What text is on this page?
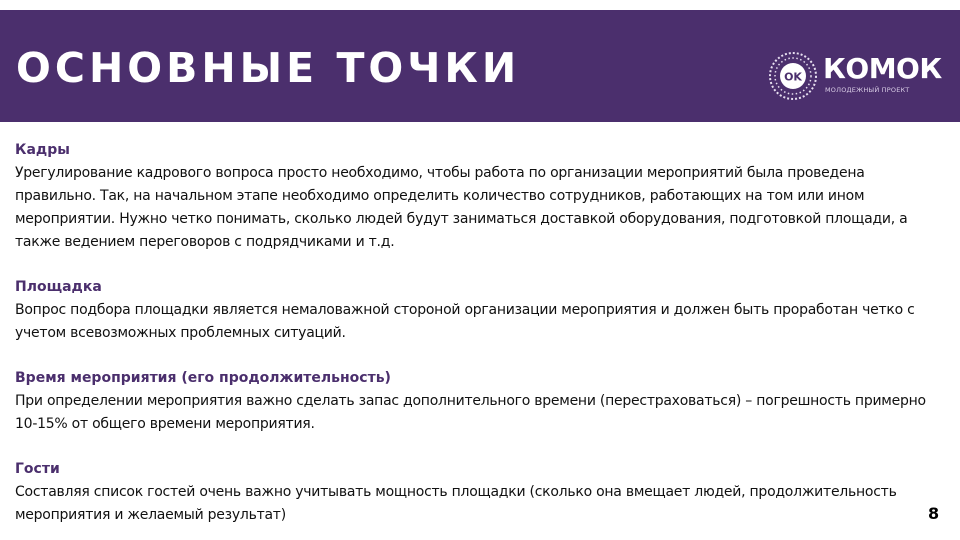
ОСНОВНЫЕ ТОЧКИ	OK КОМОК
МОЛОДЕЖНЫЙ ПРОЕКТ
Кадры
Урегулирование кадрового вопроса просто необходимо, чтобы работа по организации мероприятий была проведена правильно. Так, на начальном этапе необходимо определить количество сотрудников, работающих на том или ином мероприятии. Нужно четко понимать, сколько людей будут заниматься доставкой оборудования, подготовкой площади, а также ведением переговоров с подрядчиками и т.д.
Площадка
Вопрос подбора площадки является немаловажной стороной организации мероприятия и должен быть проработан четко с учетом всевозможных проблемных ситуаций.
Время мероприятия (его продолжительность)
При определении мероприятия важно сделать запас дополнительного времени (перестраховаться) – погрешность примерно 10-15% от общего времени мероприятия.
Гости
Составляя список гостей очень важно учитывать мощность площадки (сколько она вмещает людей, продолжительность мероприятия и желаемый результат)	8
